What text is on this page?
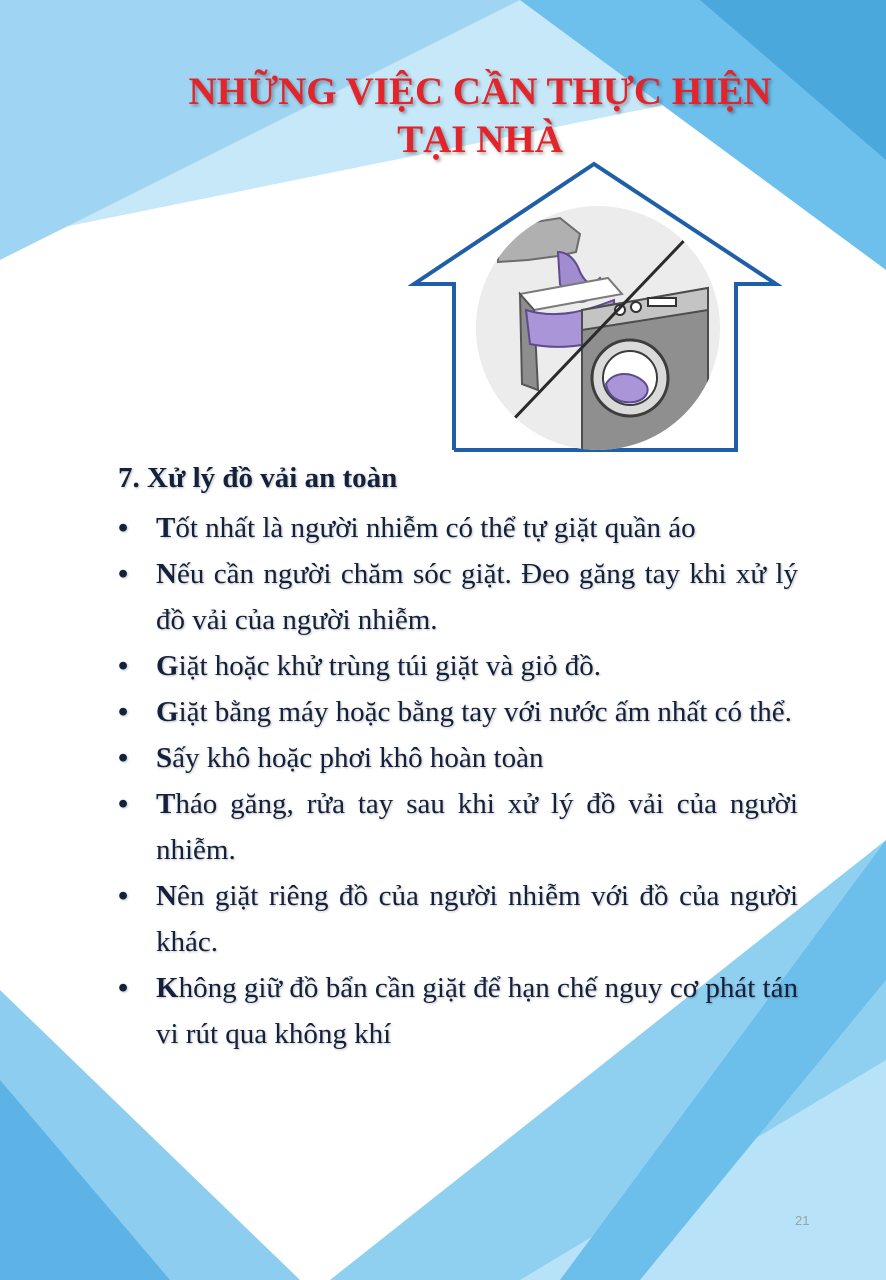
NHỮNG VIỆC CẦN THỰC HIỆN
TẠI NHÀ
7. Xử lý đồ vải an toàn
• Tốt nhất là người nhiễm có thể tự giặt quần áo
• Nếu cần người chăm sóc giặt. Đeo găng tay khi xử lý đồ vải của người nhiễm.
• Giặt hoặc khử trùng túi giặt và giỏ đồ.
• Giặt bằng máy hoặc bằng tay với nước ấm nhất có thể.
• Sấy khô hoặc phơi khô hoàn toàn
• Tháo găng, rửa tay sau khi xử lý đồ vải của người nhiễm.
• Nên giặt riêng đồ của người nhiễm với đồ của người khác.
• Không giữ đồ bẩn cần giặt để hạn chế nguy cơ phát tán vi rút qua không khí
21
